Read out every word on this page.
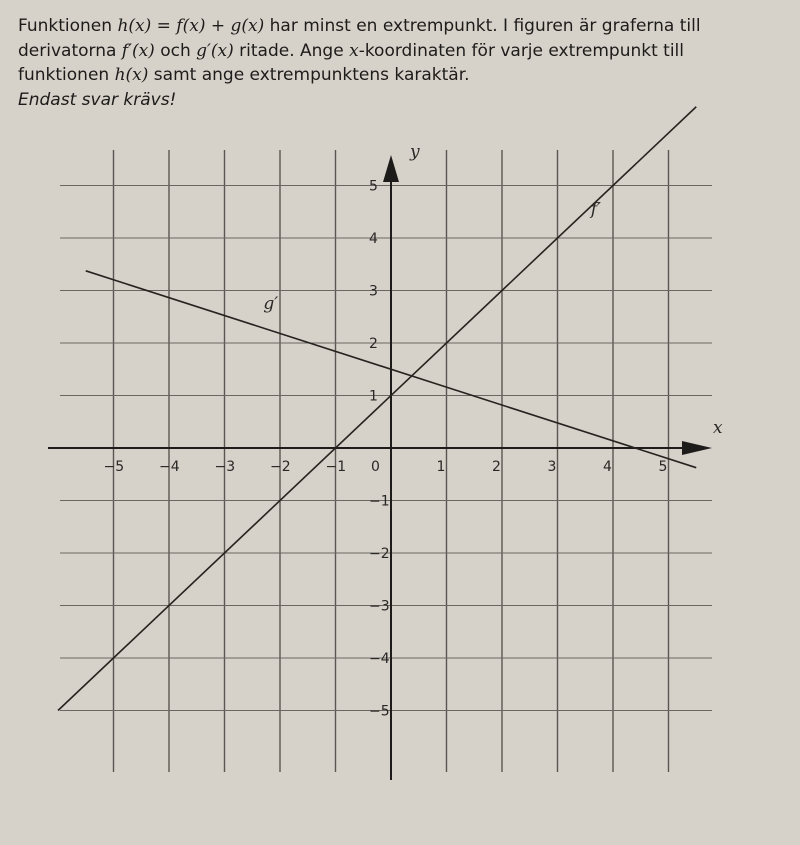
Funktionen h(x) = f(x) + g(x) har minst en extrempunkt. I figuren är graferna till

derivatorna f′(x) och g′(x) ritade. Ange x-koordinaten för varje extrempunkt till

funktionen h(x) samt ange extrempunktens karaktär.

Endast svar krävs!

x
y
−5 −4 −3 −2 −1 0	1	2	3	4	5
5
4
3
2
1
−1
−2
−3
−4
−5
f′
g′
